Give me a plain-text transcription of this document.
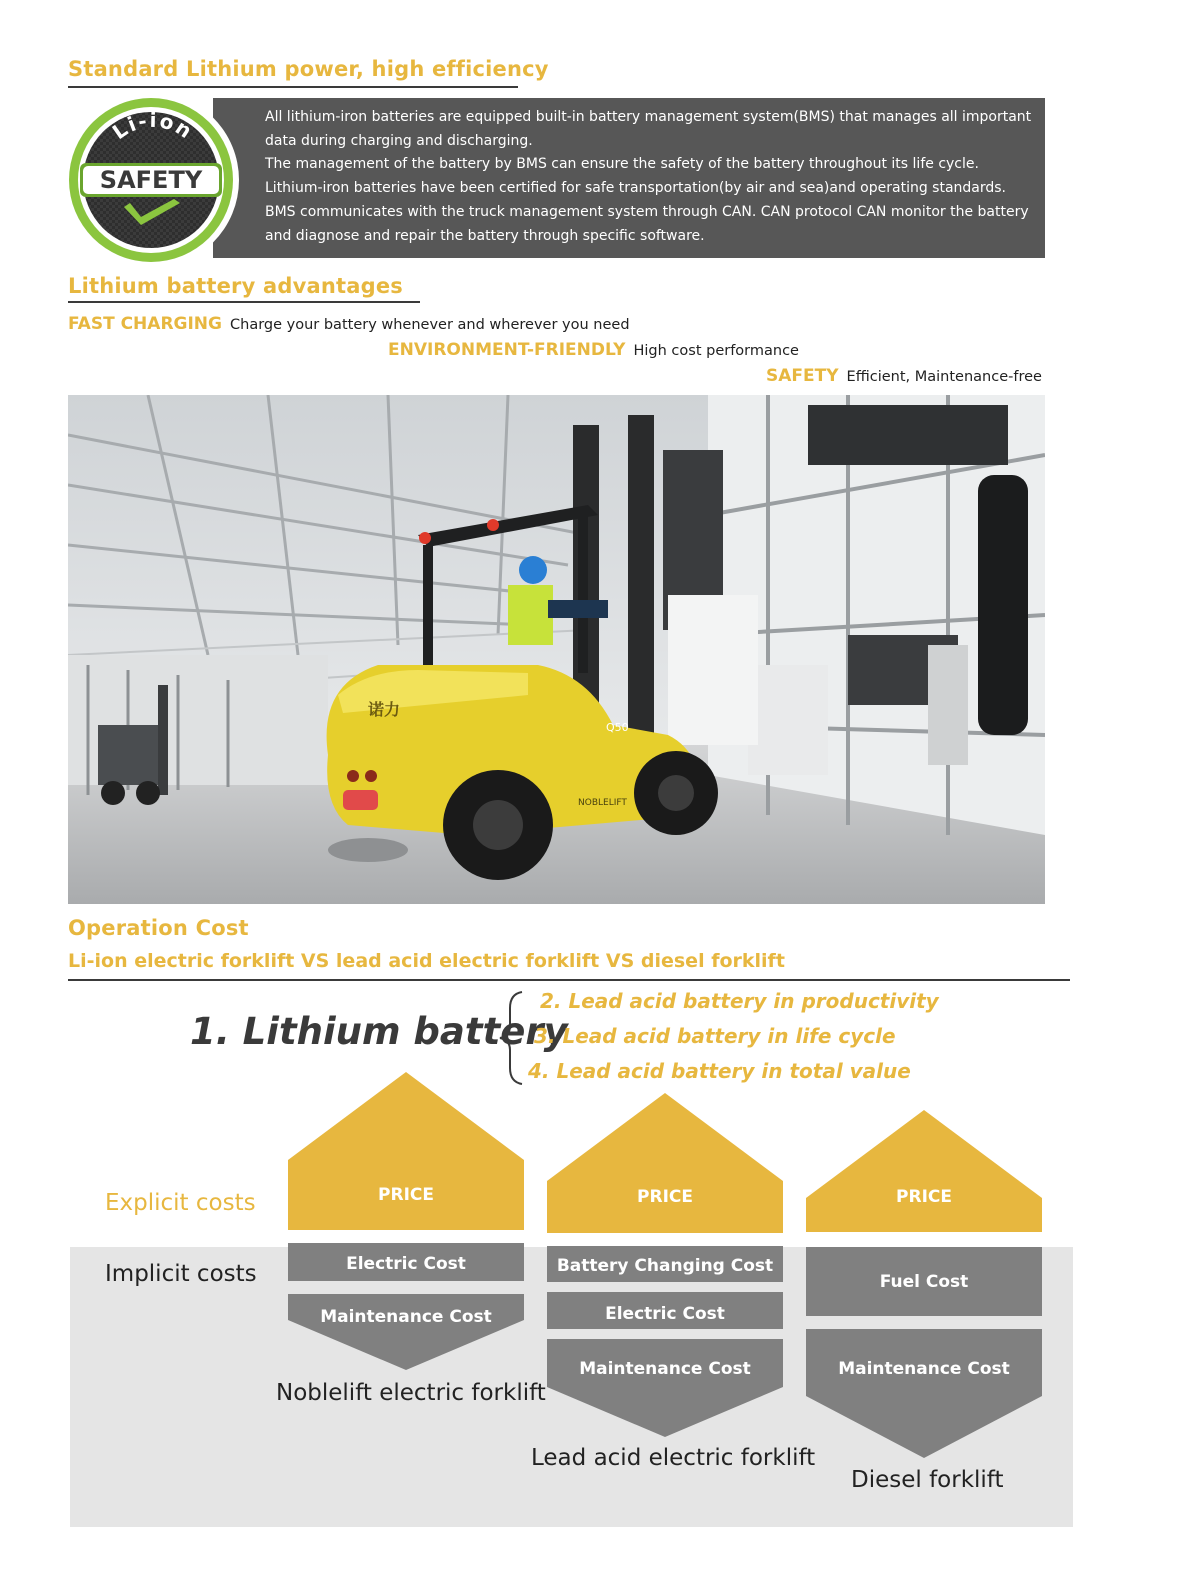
Standard Lithium power, high efficiency

All lithium-iron batteries are equipped built-in battery management system(BMS) that manages all important data during charging and discharging.

The management of the battery by BMS can ensure the safety of the battery throughout its life cycle. Lithium-iron batteries have been certified for safe transportation(by air and sea)and operating standards. BMS communicates with the truck management system through CAN. CAN protocol CAN monitor the battery and diagnose and repair the battery through specific software.

Li-ion
SAFETY
Lithium battery advantages
FAST CHARGING Charge your battery whenever and wherever you need
ENVIRONMENT-FRIENDLY High cost performance
SAFETY Efficient, Maintenance-free
诺力
NOBLELIFT
Q50
Operation Cost
Li-ion electric forklift VS lead acid electric forklift VS diesel forklift
1. Lithium battery
2. Lead acid battery in productivity
3. Lead acid battery in life cycle
4. Lead acid battery in total value
Explicit costs
Implicit costs
PRICE
Electric Cost
Maintenance Cost
Noblelift electric forklift
PRICE
Battery Changing Cost
Electric Cost
Maintenance Cost
Lead acid electric forklift
PRICE
Fuel Cost
Maintenance Cost
Diesel forklift
